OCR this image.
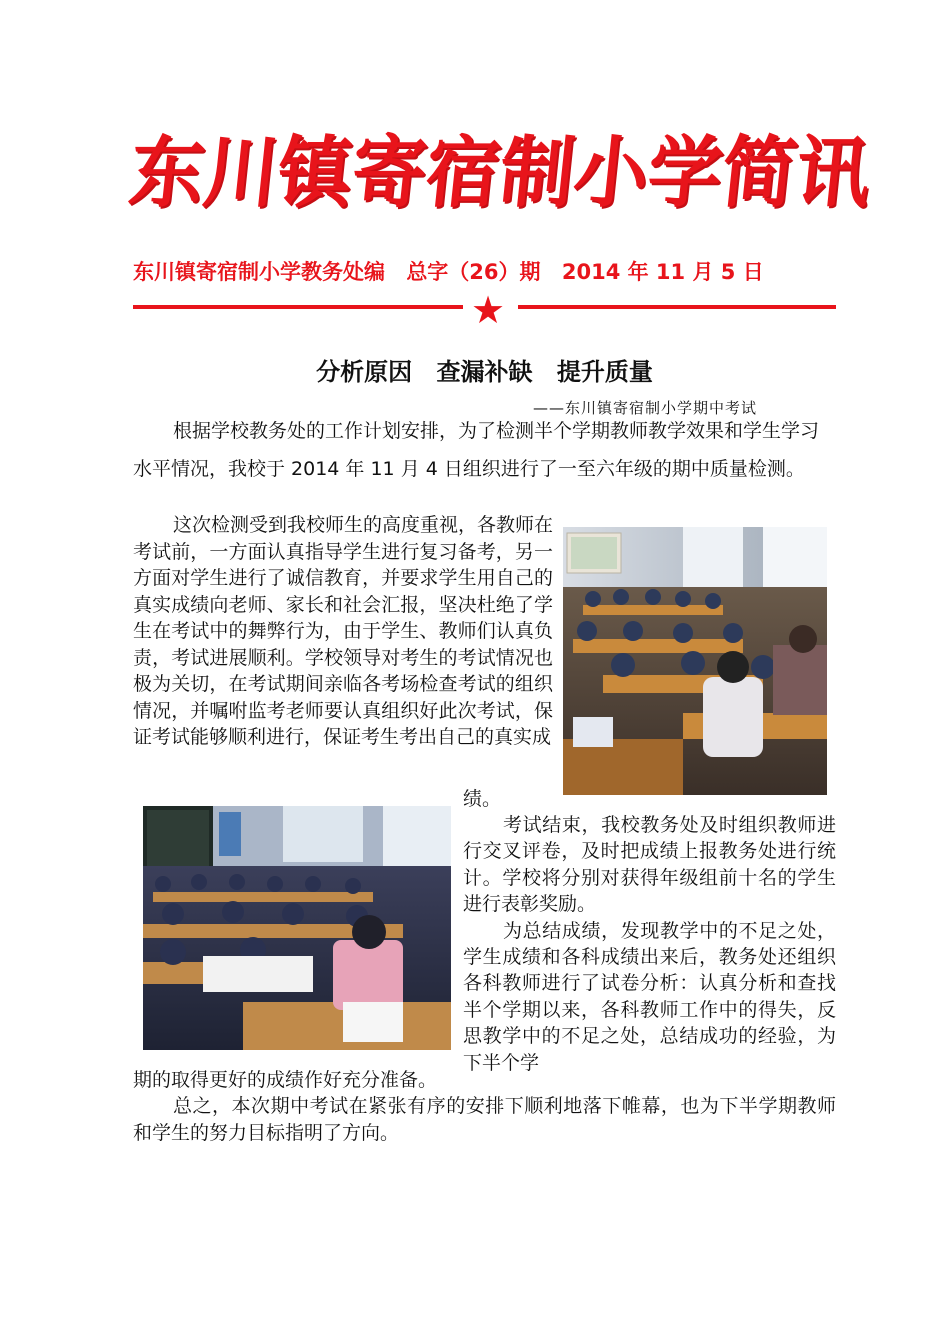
东
川
镇
寄
宿
制
小
学
简
讯
东川镇寄宿制小学教务处编 总字（26）期 2014 年 11 月 5 日
★
分析原因 查漏补缺 提升质量
——东川镇寄宿制小学期中考试

根据学校教务处的工作计划安排，为了检测半个学期教师教学效果和学生学习水平情况，我校于 2014 年 11 月 4 日组织进行了一至六年级的期中质量检测。

这次检测受到我校师生的高度重视，各教师在考试前，一方面认真指导学生进行复习备考，另一方面对学生进行了诚信教育，并要求学生用自己的真实成绩向老师、家长和社会汇报，坚决杜绝了学生在考试中的舞弊行为，由于学生、教师们认真负责，考试进展顺利。学校领导对考生的考试情况也极为关切，在考试期间亲临各考场检查考试的组织情况，并嘱咐监考老师要认真组织好此次考试，保证考试能够顺利进行，保证考生考出自己的真实成

绩。

考试结束，我校教务处及时组织教师进行交叉评卷，及时把成绩上报教务处进行统计。学校将分别对获得年级组前十名的学生进行表彰奖励。

为总结成绩，发现教学中的不足之处，学生成绩和各科成绩出来后，教务处还组织各科教师进行了试卷分析：认真分析和查找半个学期以来，各科教师工作中的得失，反思教学中的不足之处，总结成功的经验，为下半个学

期的取得更好的成绩作好充分准备。

总之，本次期中考试在紧张有序的安排下顺利地落下帷幕，也为下半学期教师和学生的努力目标指明了方向。
